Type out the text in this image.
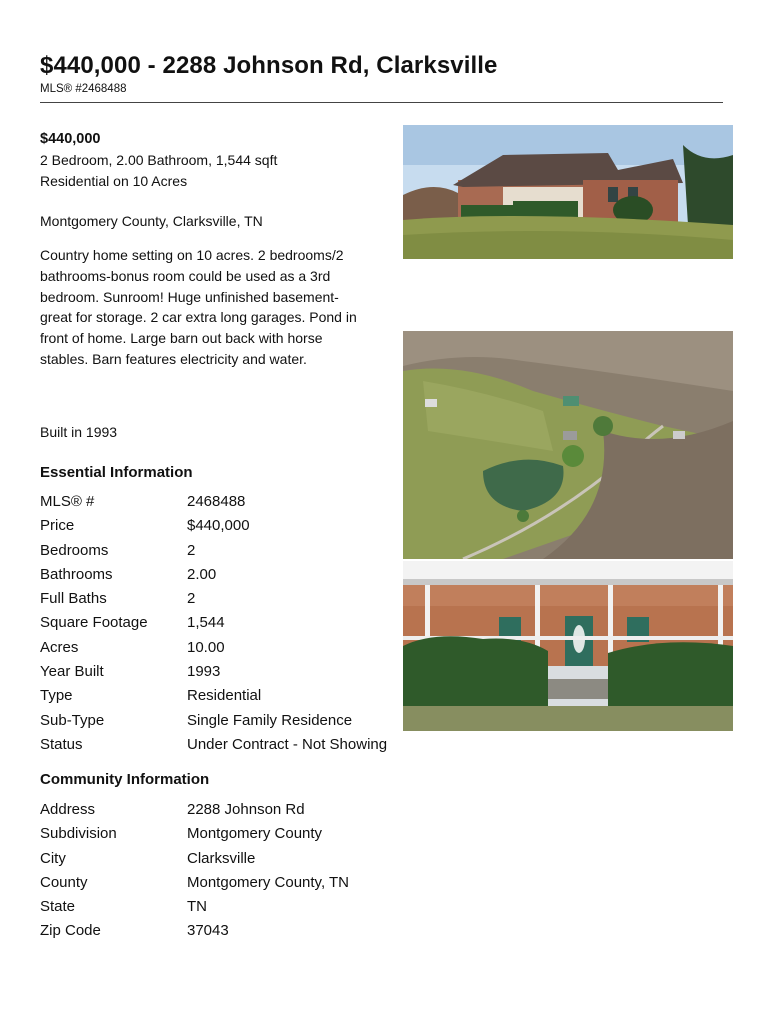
$440,000 - 2288 Johnson Rd, Clarksville
MLS® #2468488
$440,000
2 Bedroom, 2.00 Bathroom, 1,544 sqft
Residential on 10 Acres
Montgomery County, Clarksville, TN
Country home setting on 10 acres. 2 bedrooms/2 bathrooms-bonus room could be used as a 3rd bedroom. Sunroom! Huge unfinished basement-great for storage. 2 car extra long garages. Pond in front of home. Large barn out back with horse stables. Barn features electricity and water.
Built in 1993
Essential Information
MLS® #	2468488
Price	$440,000
Bedrooms	2
Bathrooms	2.00
Full Baths	2
Square Footage	1,544
Acres	10.00
Year Built	1993
Type	Residential
Sub-Type	Single Family Residence
Status	Under Contract - Not Showing
Community Information
Address	2288 Johnson Rd
Subdivision	Montgomery County
City	Clarksville
County	Montgomery County, TN
State	TN
Zip Code	37043
